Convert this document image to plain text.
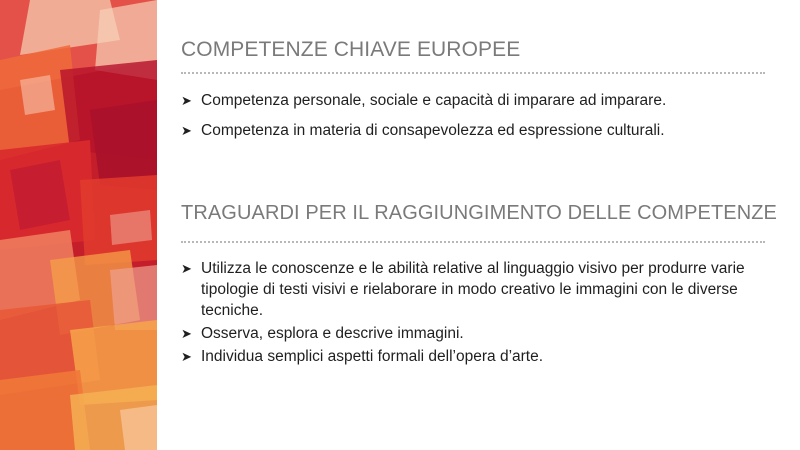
COMPETENZE CHIAVE EUROPEE
➤ Competenza personale, sociale e capacità di imparare ad imparare.
➤ Competenza in materia di consapevolezza ed espressione culturali.
TRAGUARDI PER IL RAGGIUNGIMENTO DELLE COMPETENZE
➤ Utilizza le conoscenze e le abilità relative al linguaggio visivo per produrre varie tipologie di testi visivi e rielaborare in modo creativo le immagini con le diverse tecniche.
➤ Osserva, esplora e descrive immagini.
➤ Individua semplici aspetti formali dell’opera d’arte.
